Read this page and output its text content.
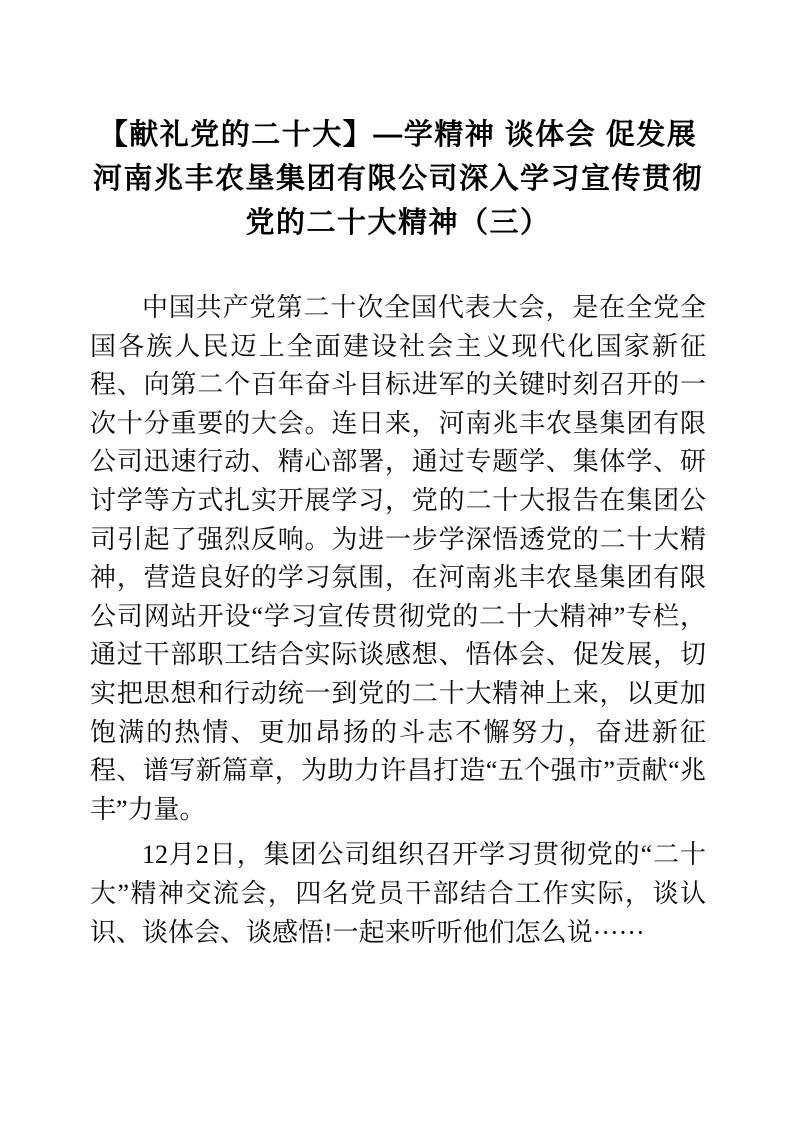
【献礼党的二十大】—学精神 谈体会 促发展
河南兆丰农垦集团有限公司深入学习宣传贯彻
党的二十大精神（三）

中国共产党第二十次全国代表大会，是在全党全国各族人民迈上全面建设社会主义现代化国家新征程、向第二个百年奋斗目标进军的关键时刻召开的一次十分重要的大会。连日来，河南兆丰农垦集团有限公司迅速行动、精心部署，通过专题学、集体学、研讨学等方式扎实开展学习，党的二十大报告在集团公司引起了强烈反响。为进一步学深悟透党的二十大精神，营造良好的学习氛围，在河南兆丰农垦集团有限公司网站开设“学习宣传贯彻党的二十大精神”专栏，通过干部职工结合实际谈感想、悟体会、促发展，切实把思想和行动统一到党的二十大精神上来，以更加饱满的热情、更加昂扬的斗志不懈努力，奋进新征程、谱写新篇章，为助力许昌打造“五个强市”贡献“兆丰”力量。

12月2日，集团公司组织召开学习贯彻党的“二十大”精神交流会，四名党员干部结合工作实际，谈认识、谈体会、谈感悟!一起来听听他们怎么说······
